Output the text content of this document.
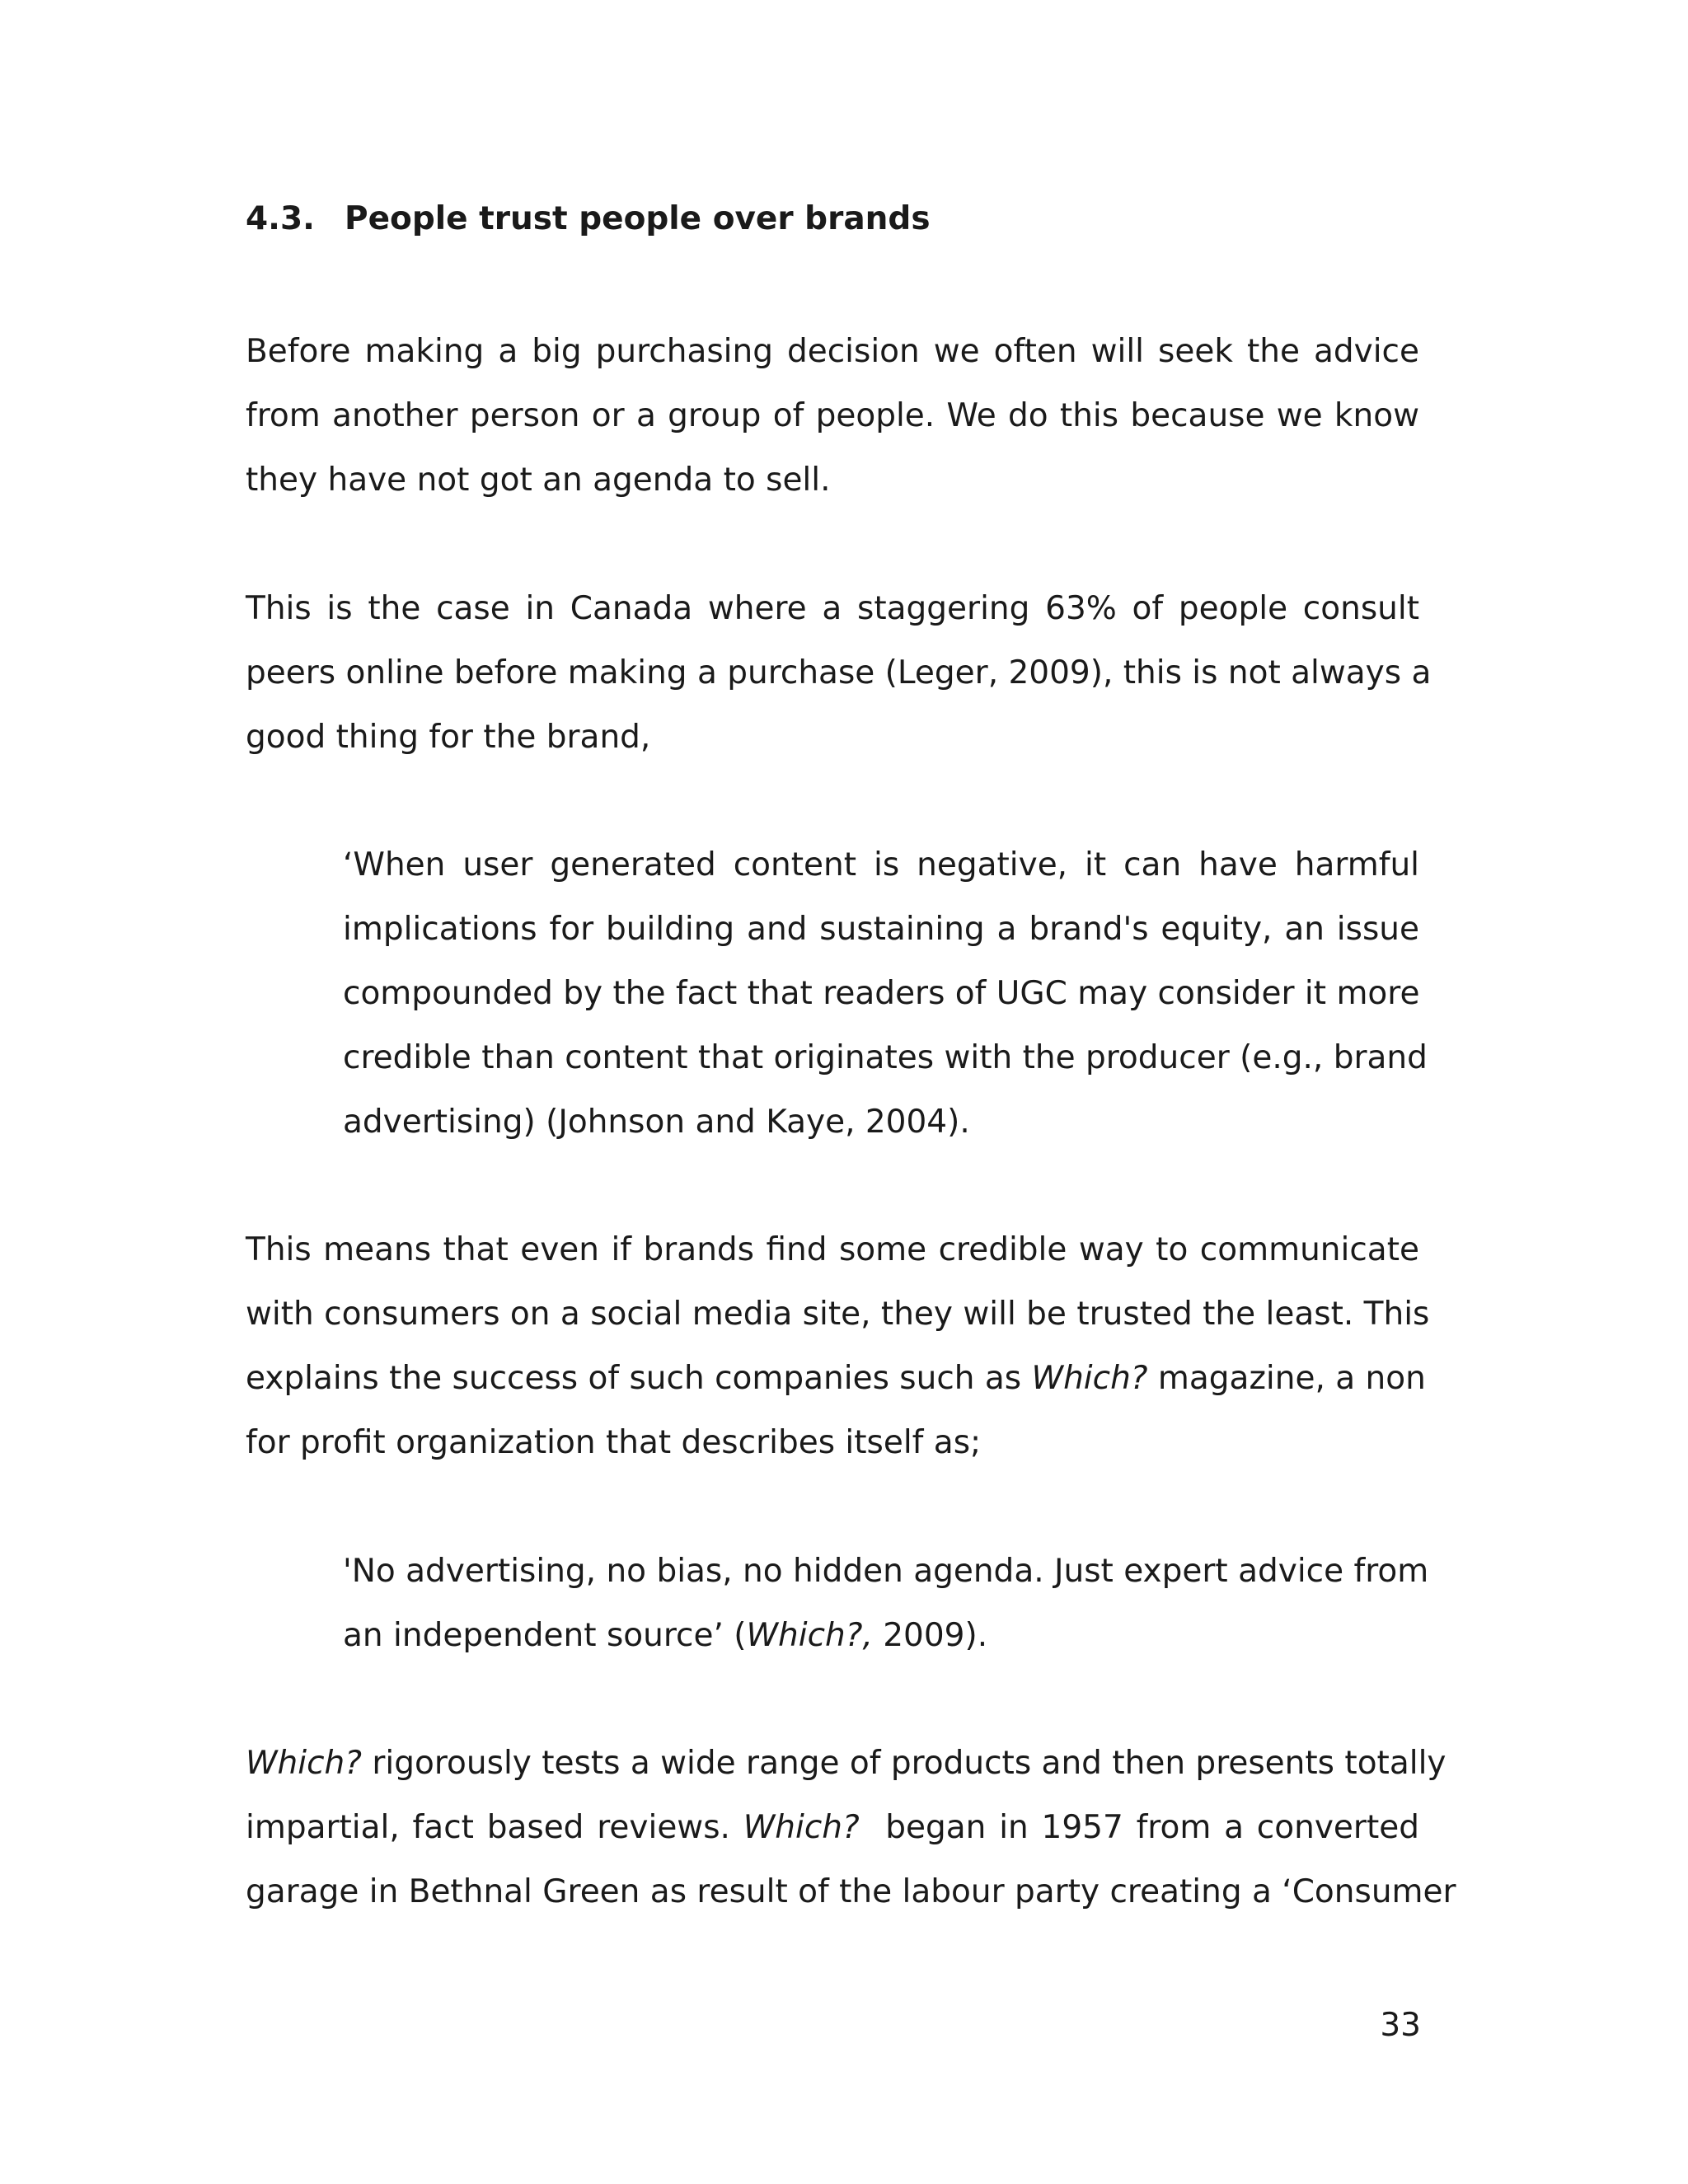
4.3. People trust people over brands

Before making a big purchasing decision we often will seek the advice
from another person or a group of people. We do this because we know
they have not got an agenda to sell.

This is the case in Canada where a staggering 63% of people consult
peers online before making a purchase (Leger, 2009), this is not always a
good thing for the brand,

‘When user generated content is negative, it can have harmful
implications for building and sustaining a brand's equity, an issue
compounded by the fact that readers of UGC may consider it more
credible than content that originates with the producer (e.g., brand
advertising) (Johnson and Kaye, 2004).

This means that even if brands find some credible way to communicate
with consumers on a social media site, they will be trusted the least. This
explains the success of such companies such as Which? magazine, a non
for profit organization that describes itself as;

'No advertising, no bias, no hidden agenda. Just expert advice from
an independent source’ (Which?, 2009).

Which? rigorously tests a wide range of products and then presents totally
impartial, fact based reviews. Which?  began in 1957 from a converted
garage in Bethnal Green as result of the labour party creating a ‘Consumer

33
